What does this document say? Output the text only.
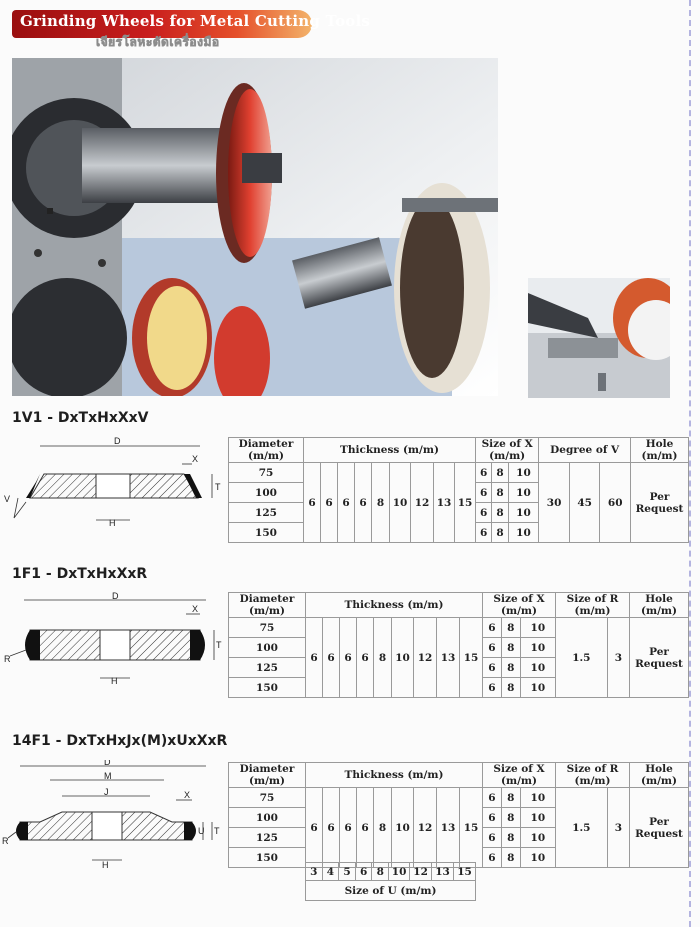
Grinding Wheels for Metal Cutting Tools
เจียรโลหะตัดเครื่องมือ
1V1 - DxTxHxXxV
D
X
T
V
H
Diameter (m/m)	Thickness (m/m)									Size of X (m/m)			Degree of V			Hole (m/m)
75	6	6	6	6	8	10	12	13	15	6	8	10	30	45	60	Per Request
100										6	8	10				
125										6	8	10				
150										6	8	10				
1F1 - DxTxHxXxR
D
X
T
R
H
Diameter (m/m)	Thickness (m/m)									Size of X (m/m)			Size of R (m/m)		Hole (m/m)
75	6	6	6	6	8	10	12	13	15	6	8	10	1.5	3	Per Request
100										6	8	10			
125										6	8	10			
150										6	8	10			
14F1 - DxTxHxJx(M)xUxXxR
D
M
J	X
U T
R
H
Diameter (m/m)	Thickness (m/m)									Size of X (m/m)			Size of R (m/m)		Hole (m/m)
75	6	6	6	6	8	10	12	13	15	6	8	10	1.5	3	Per Request
100										6	8	10			
125										6	8	10			
150										6	8	10			
3	4	5	6	8	10	12	13	15
Size of U (m/m)
